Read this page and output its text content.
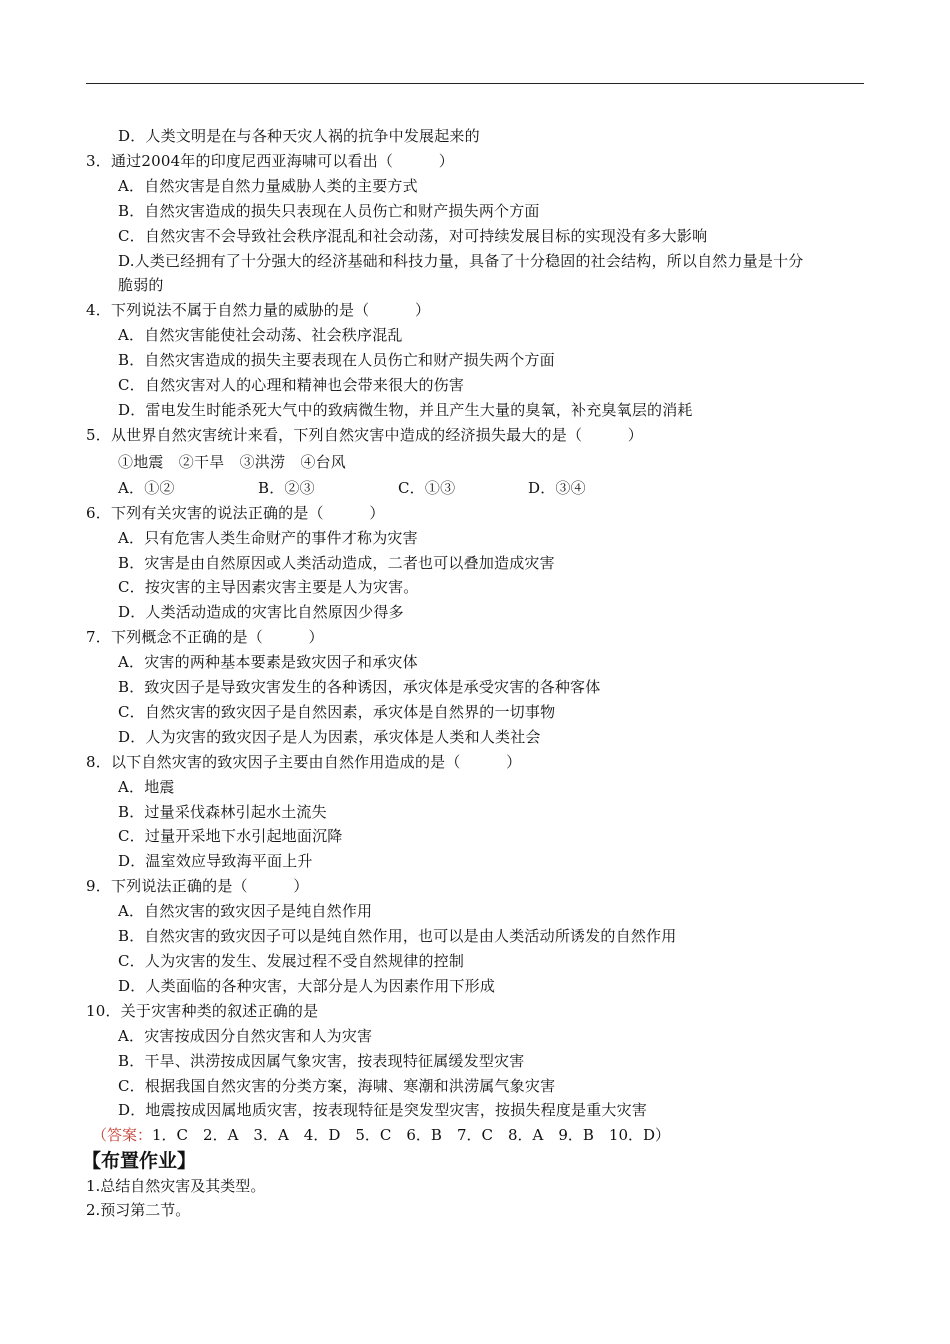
D．人类文明是在与各种天灾人祸的抗争中发展起来的
3．通过2004年的印度尼西亚海啸可以看出（　　　）
A．自然灾害是自然力量威胁人类的主要方式
B．自然灾害造成的损失只表现在人员伤亡和财产损失两个方面
C．自然灾害不会导致社会秩序混乱和社会动荡，对可持续发展目标的实现没有多大影响
D.人类已经拥有了十分强大的经济基础和科技力量，具备了十分稳固的社会结构，所以自然力量是十分
脆弱的
4．下列说法不属于自然力量的威胁的是（　　　）
A．自然灾害能使社会动荡、社会秩序混乱
B．自然灾害造成的损失主要表现在人员伤亡和财产损失两个方面
C．自然灾害对人的心理和精神也会带来很大的伤害
D．雷电发生时能杀死大气中的致病微生物，并且产生大量的臭氧，补充臭氧层的消耗
5．从世界自然灾害统计来看，下列自然灾害中造成的经济损失最大的是（　　　）
①地震　②干旱　③洪涝　④台风
A．①②	B．②③	C．①③	D．③④
6．下列有关灾害的说法正确的是（　　　）
A．只有危害人类生命财产的事件才称为灾害
B．灾害是由自然原因或人类活动造成，二者也可以叠加造成灾害
C．按灾害的主导因素灾害主要是人为灾害。
D．人类活动造成的灾害比自然原因少得多
7．下列概念不正确的是（　　　）
A．灾害的两种基本要素是致灾因子和承灾体
B．致灾因子是导致灾害发生的各种诱因，承灾体是承受灾害的各种客体
C．自然灾害的致灾因子是自然因素，承灾体是自然界的一切事物
D．人为灾害的致灾因子是人为因素，承灾体是人类和人类社会
8．以下自然灾害的致灾因子主要由自然作用造成的是（　　　）
A．地震
B．过量采伐森林引起水土流失
C．过量开采地下水引起地面沉降
D．温室效应导致海平面上升
9．下列说法正确的是（　　　）
A．自然灾害的致灾因子是纯自然作用
B．自然灾害的致灾因子可以是纯自然作用，也可以是由人类活动所诱发的自然作用
C．人为灾害的发生、发展过程不受自然规律的控制
D．人类面临的各种灾害，大部分是人为因素作用下形成
10．关于灾害种类的叙述正确的是
A．灾害按成因分自然灾害和人为灾害
B．干旱、洪涝按成因属气象灾害，按表现特征属缓发型灾害
C．根据我国自然灾害的分类方案，海啸、寒潮和洪涝属气象灾害
D．地震按成因属地质灾害，按表现特征是突发型灾害，按损失程度是重大灾害
（答案：1．C　2．A　3．A　4．D　5．C　6．B　7．C　8．A　9．B　10．D）
【布置作业】
1.总结自然灾害及其类型。
2.预习第二节。
